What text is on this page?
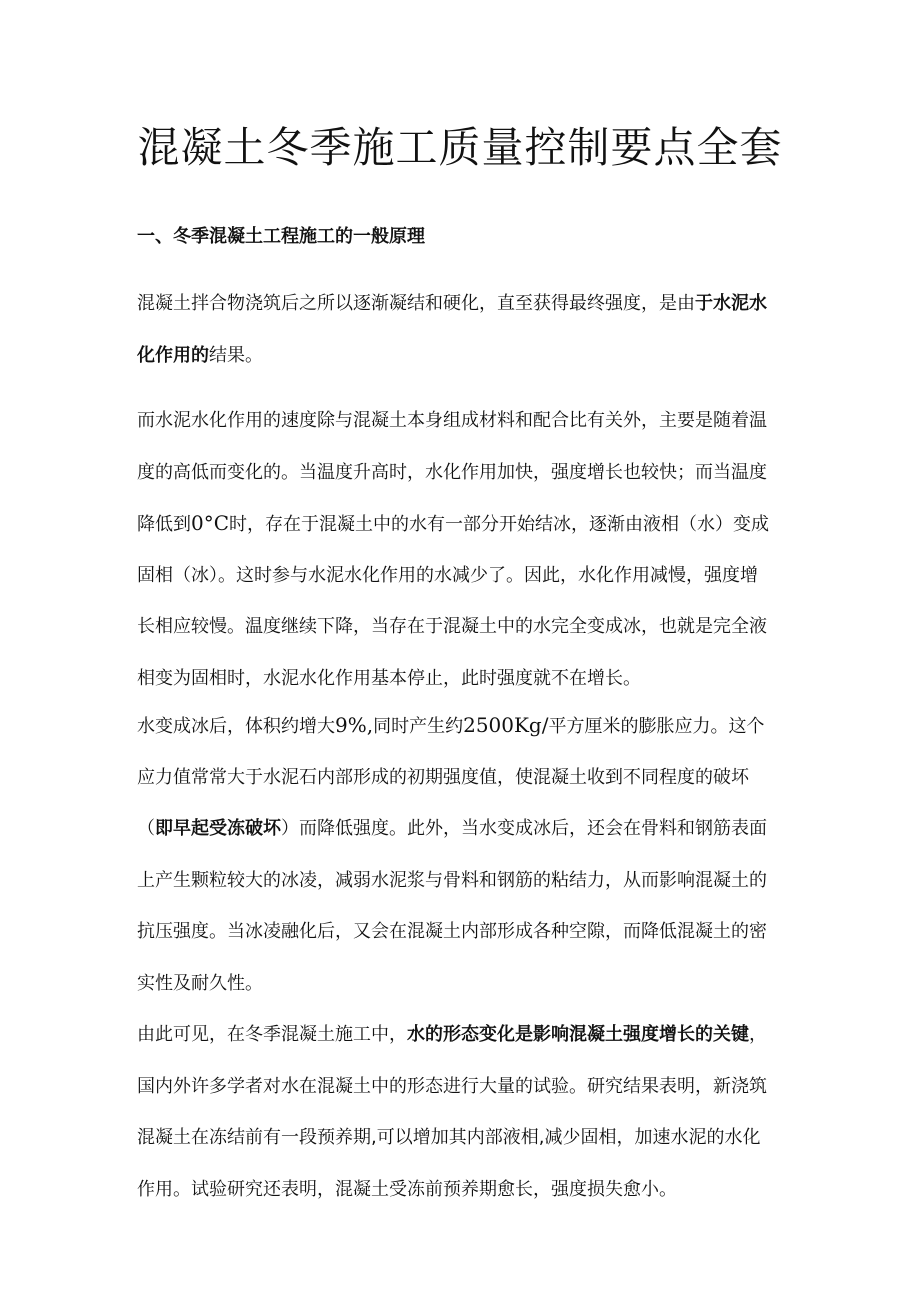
混凝土冬季施工质量控制要点全套
一、冬季混凝土工程施工的一般原理
混凝土拌合物浇筑后之所以逐渐凝结和硬化，直至获得最终强度，是由于水泥水
化作用的结果。
而水泥水化作用的速度除与混凝土本身组成材料和配合比有关外，主要是随着温
度的高低而变化的。当温度升高时，水化作用加快，强度增长也较快；而当温度
降低到0°C时，存在于混凝土中的水有一部分开始结冰，逐渐由液相（水）变成
固相（冰）。这时参与水泥水化作用的水减少了。因此，水化作用减慢，强度增
长相应较慢。温度继续下降，当存在于混凝土中的水完全变成冰，也就是完全液
相变为固相时，水泥水化作用基本停止，此时强度就不在增长。
水变成冰后，体积约增大9%,同时产生约2500Kg/平方厘米的膨胀应力。这个
应力值常常大于水泥石内部形成的初期强度值，使混凝土收到不同程度的破坏
（即早起受冻破坏）而降低强度。此外，当水变成冰后，还会在骨料和钢筋表面
上产生颗粒较大的冰凌，减弱水泥浆与骨料和钢筋的粘结力，从而影响混凝土的
抗压强度。当冰凌融化后，又会在混凝土内部形成各种空隙，而降低混凝土的密
实性及耐久性。
由此可见，在冬季混凝土施工中，水的形态变化是影响混凝土强度增长的关键，
国内外许多学者对水在混凝土中的形态进行大量的试验。研究结果表明，新浇筑
混凝土在冻结前有一段预养期,可以增加其内部液相,减少固相，加速水泥的水化
作用。试验研究还表明，混凝土受冻前预养期愈长，强度损失愈小。
